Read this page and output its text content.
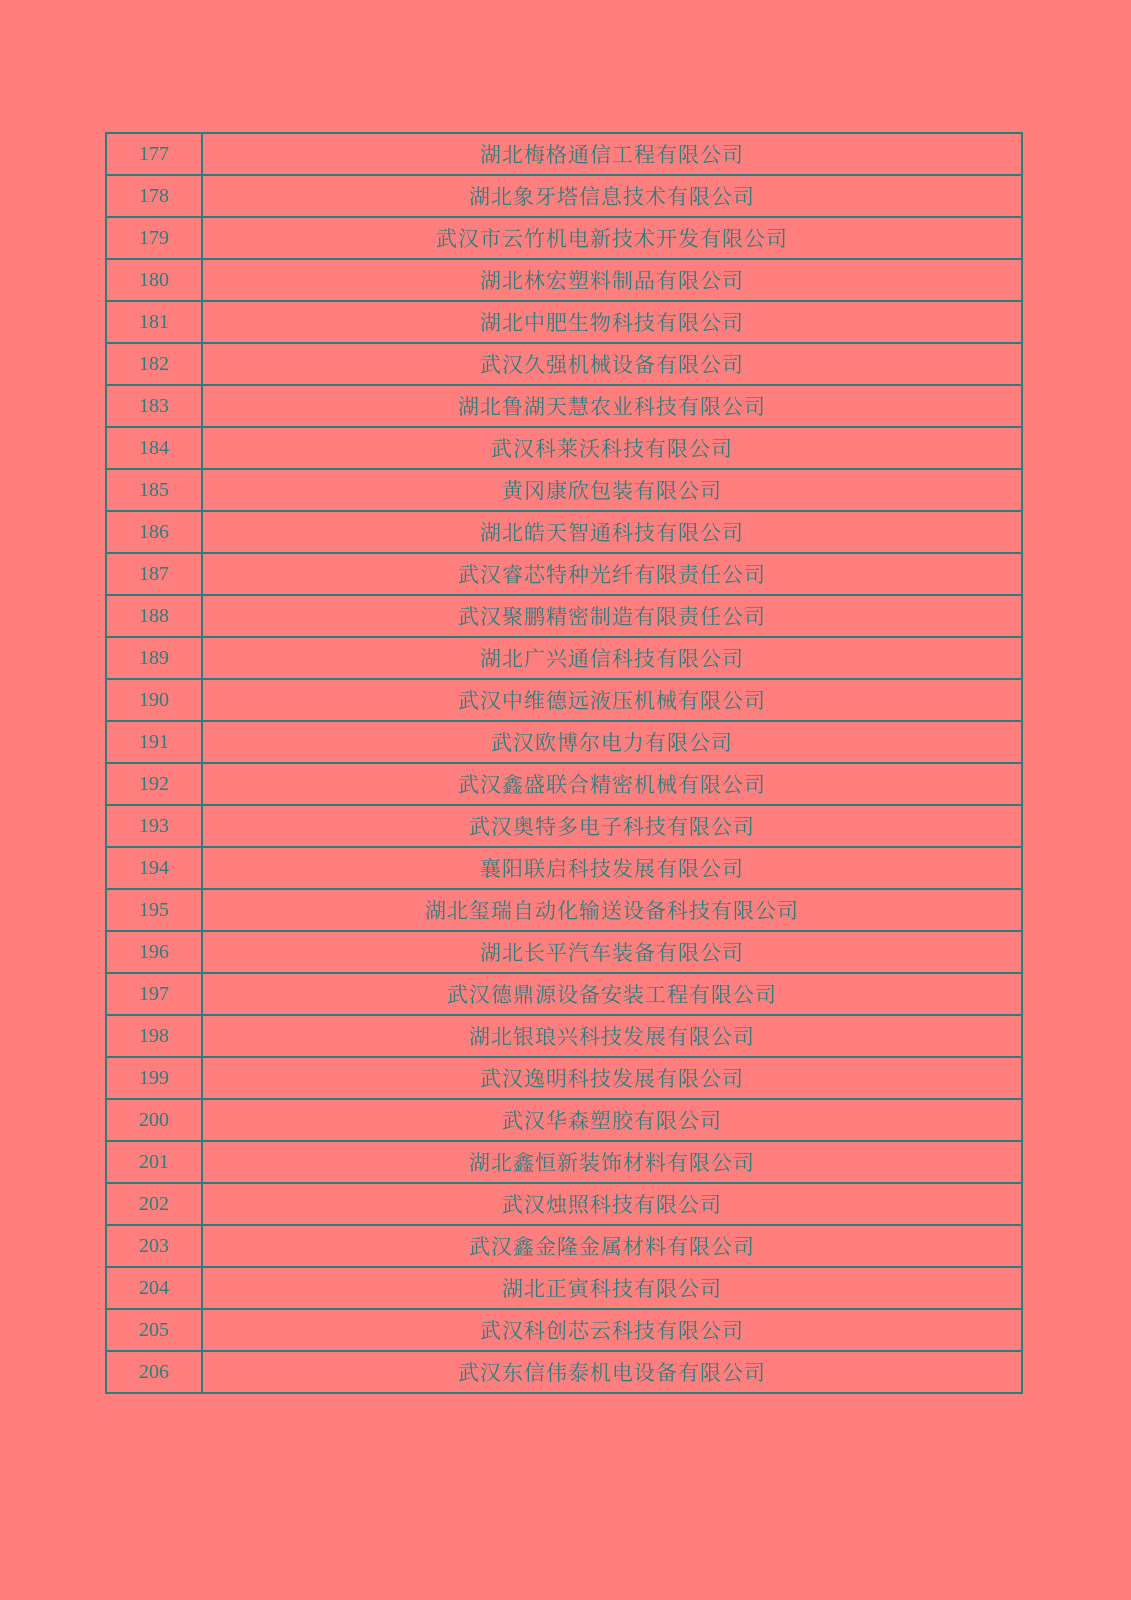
177	湖北梅格通信工程有限公司
178	湖北象牙塔信息技术有限公司
179	武汉市云竹机电新技术开发有限公司
180	湖北林宏塑料制品有限公司
181	湖北中肥生物科技有限公司
182	武汉久强机械设备有限公司
183	湖北鲁湖天慧农业科技有限公司
184	武汉科莱沃科技有限公司
185	黄冈康欣包装有限公司
186	湖北皓天智通科技有限公司
187	武汉睿芯特种光纤有限责任公司
188	武汉聚鹏精密制造有限责任公司
189	湖北广兴通信科技有限公司
190	武汉中维德远液压机械有限公司
191	武汉欧博尔电力有限公司
192	武汉鑫盛联合精密机械有限公司
193	武汉奥特多电子科技有限公司
194	襄阳联启科技发展有限公司
195	湖北玺瑞自动化输送设备科技有限公司
196	湖北长平汽车装备有限公司
197	武汉德鼎源设备安装工程有限公司
198	湖北银琅兴科技发展有限公司
199	武汉逸明科技发展有限公司
200	武汉华森塑胶有限公司
201	湖北鑫恒新装饰材料有限公司
202	武汉烛照科技有限公司
203	武汉鑫金隆金属材料有限公司
204	湖北正寅科技有限公司
205	武汉科创芯云科技有限公司
206	武汉东信伟泰机电设备有限公司
